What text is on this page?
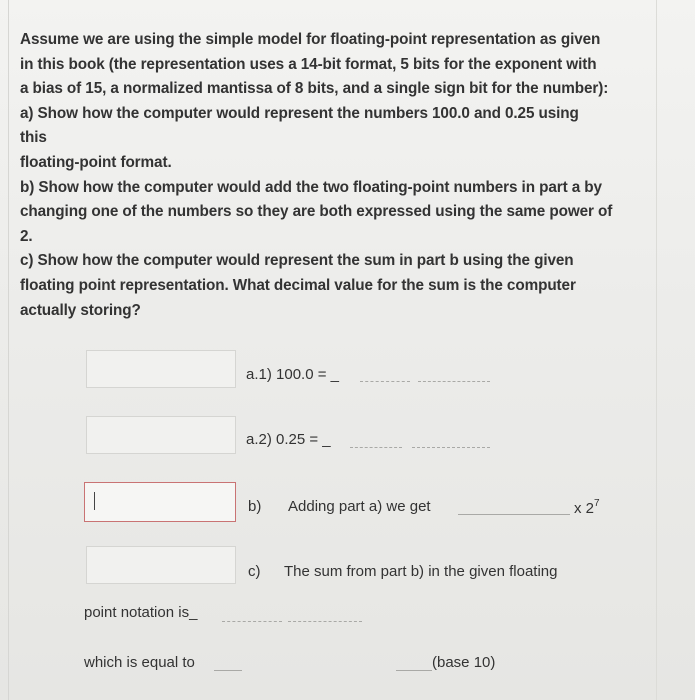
Assume we are using the simple model for floating-point representation as given
in this book (the representation uses a 14-bit format, 5 bits for the exponent with
a bias of 15, a normalized mantissa of 8 bits, and a single sign bit for the number):
a) Show how the computer would represent the numbers 100.0 and 0.25 using
this
floating-point format.
b) Show how the computer would add the two floating-point numbers in part a by
changing one of the numbers so they are both expressed using the same power of
2.
c) Show how the computer would represent the sum in part b using the given
floating point representation. What decimal value for the sum is the computer
actually storing?
a.1) 100.0 = _
a.2) 0.25 = _
b) Adding part a) we get	x $2^7$
c) The sum from part b) in the given floating
point notation is_
which is equal to	(base 10)
